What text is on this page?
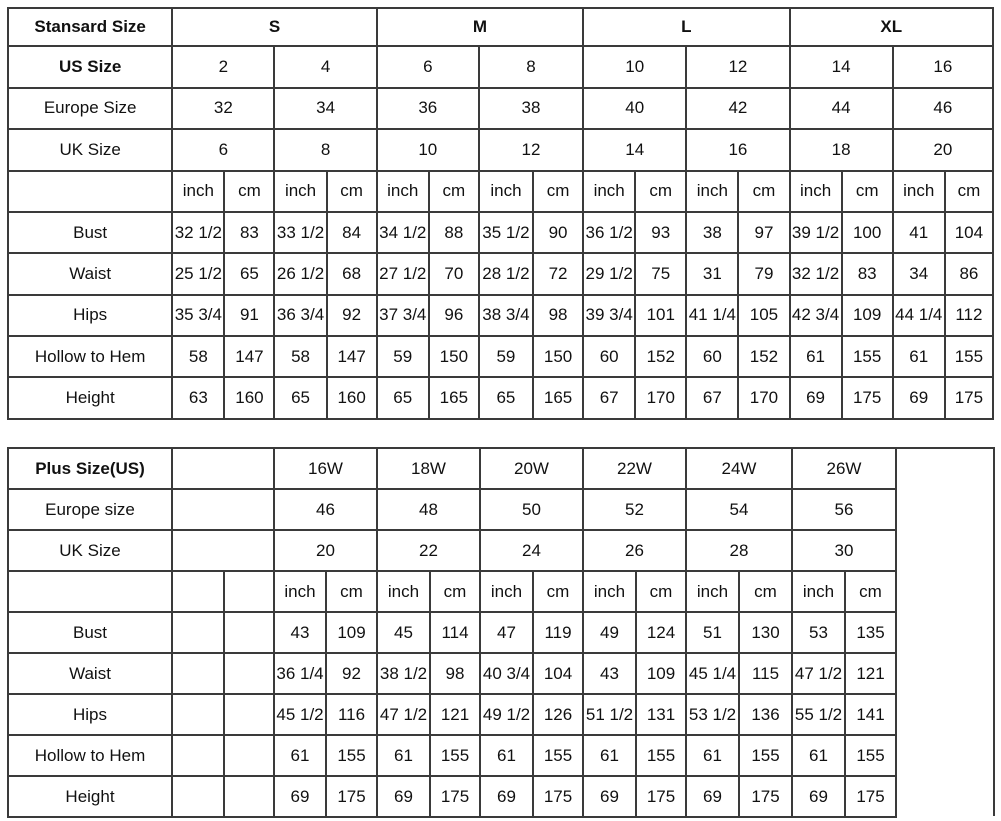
Stansard Size	S				M				L				XL			
US Size	2		4		6		8		10		12		14		16	
Europe Size	32		34		36		38		40		42		44		46	
UK Size	6		8		10		12		14		16		18		20	
	inch	cm	inch	cm	inch	cm	inch	cm	inch	cm	inch	cm	inch	cm	inch	cm
Bust	32 1/2	83	33 1/2	84	34 1/2	88	35 1/2	90	36 1/2	93	38	97	39 1/2	100	41	104
Waist	25 1/2	65	26 1/2	68	27 1/2	70	28 1/2	72	29 1/2	75	31	79	32 1/2	83	34	86
Hips	35 3/4	91	36 3/4	92	37 3/4	96	38 3/4	98	39 3/4	101	41 1/4	105	42 3/4	109	44 1/4	112
Hollow to Hem	58	147	58	147	59	150	59	150	60	152	60	152	61	155	61	155
Height	63	160	65	160	65	165	65	165	67	170	67	170	69	175	69	175
Plus Size(US)			16W		18W		20W		22W		24W		26W	
Europe size			46		48		50		52		54		56	
UK Size			20		22		24		26		28		30	
			inch	cm	inch	cm	inch	cm	inch	cm	inch	cm	inch	cm
Bust			43	109	45	114	47	119	49	124	51	130	53	135
Waist			36 1/4	92	38 1/2	98	40 3/4	104	43	109	45 1/4	115	47 1/2	121
Hips			45 1/2	116	47 1/2	121	49 1/2	126	51 1/2	131	53 1/2	136	55 1/2	141
Hollow to Hem			61	155	61	155	61	155	61	155	61	155	61	155
Height			69	175	69	175	69	175	69	175	69	175	69	175
